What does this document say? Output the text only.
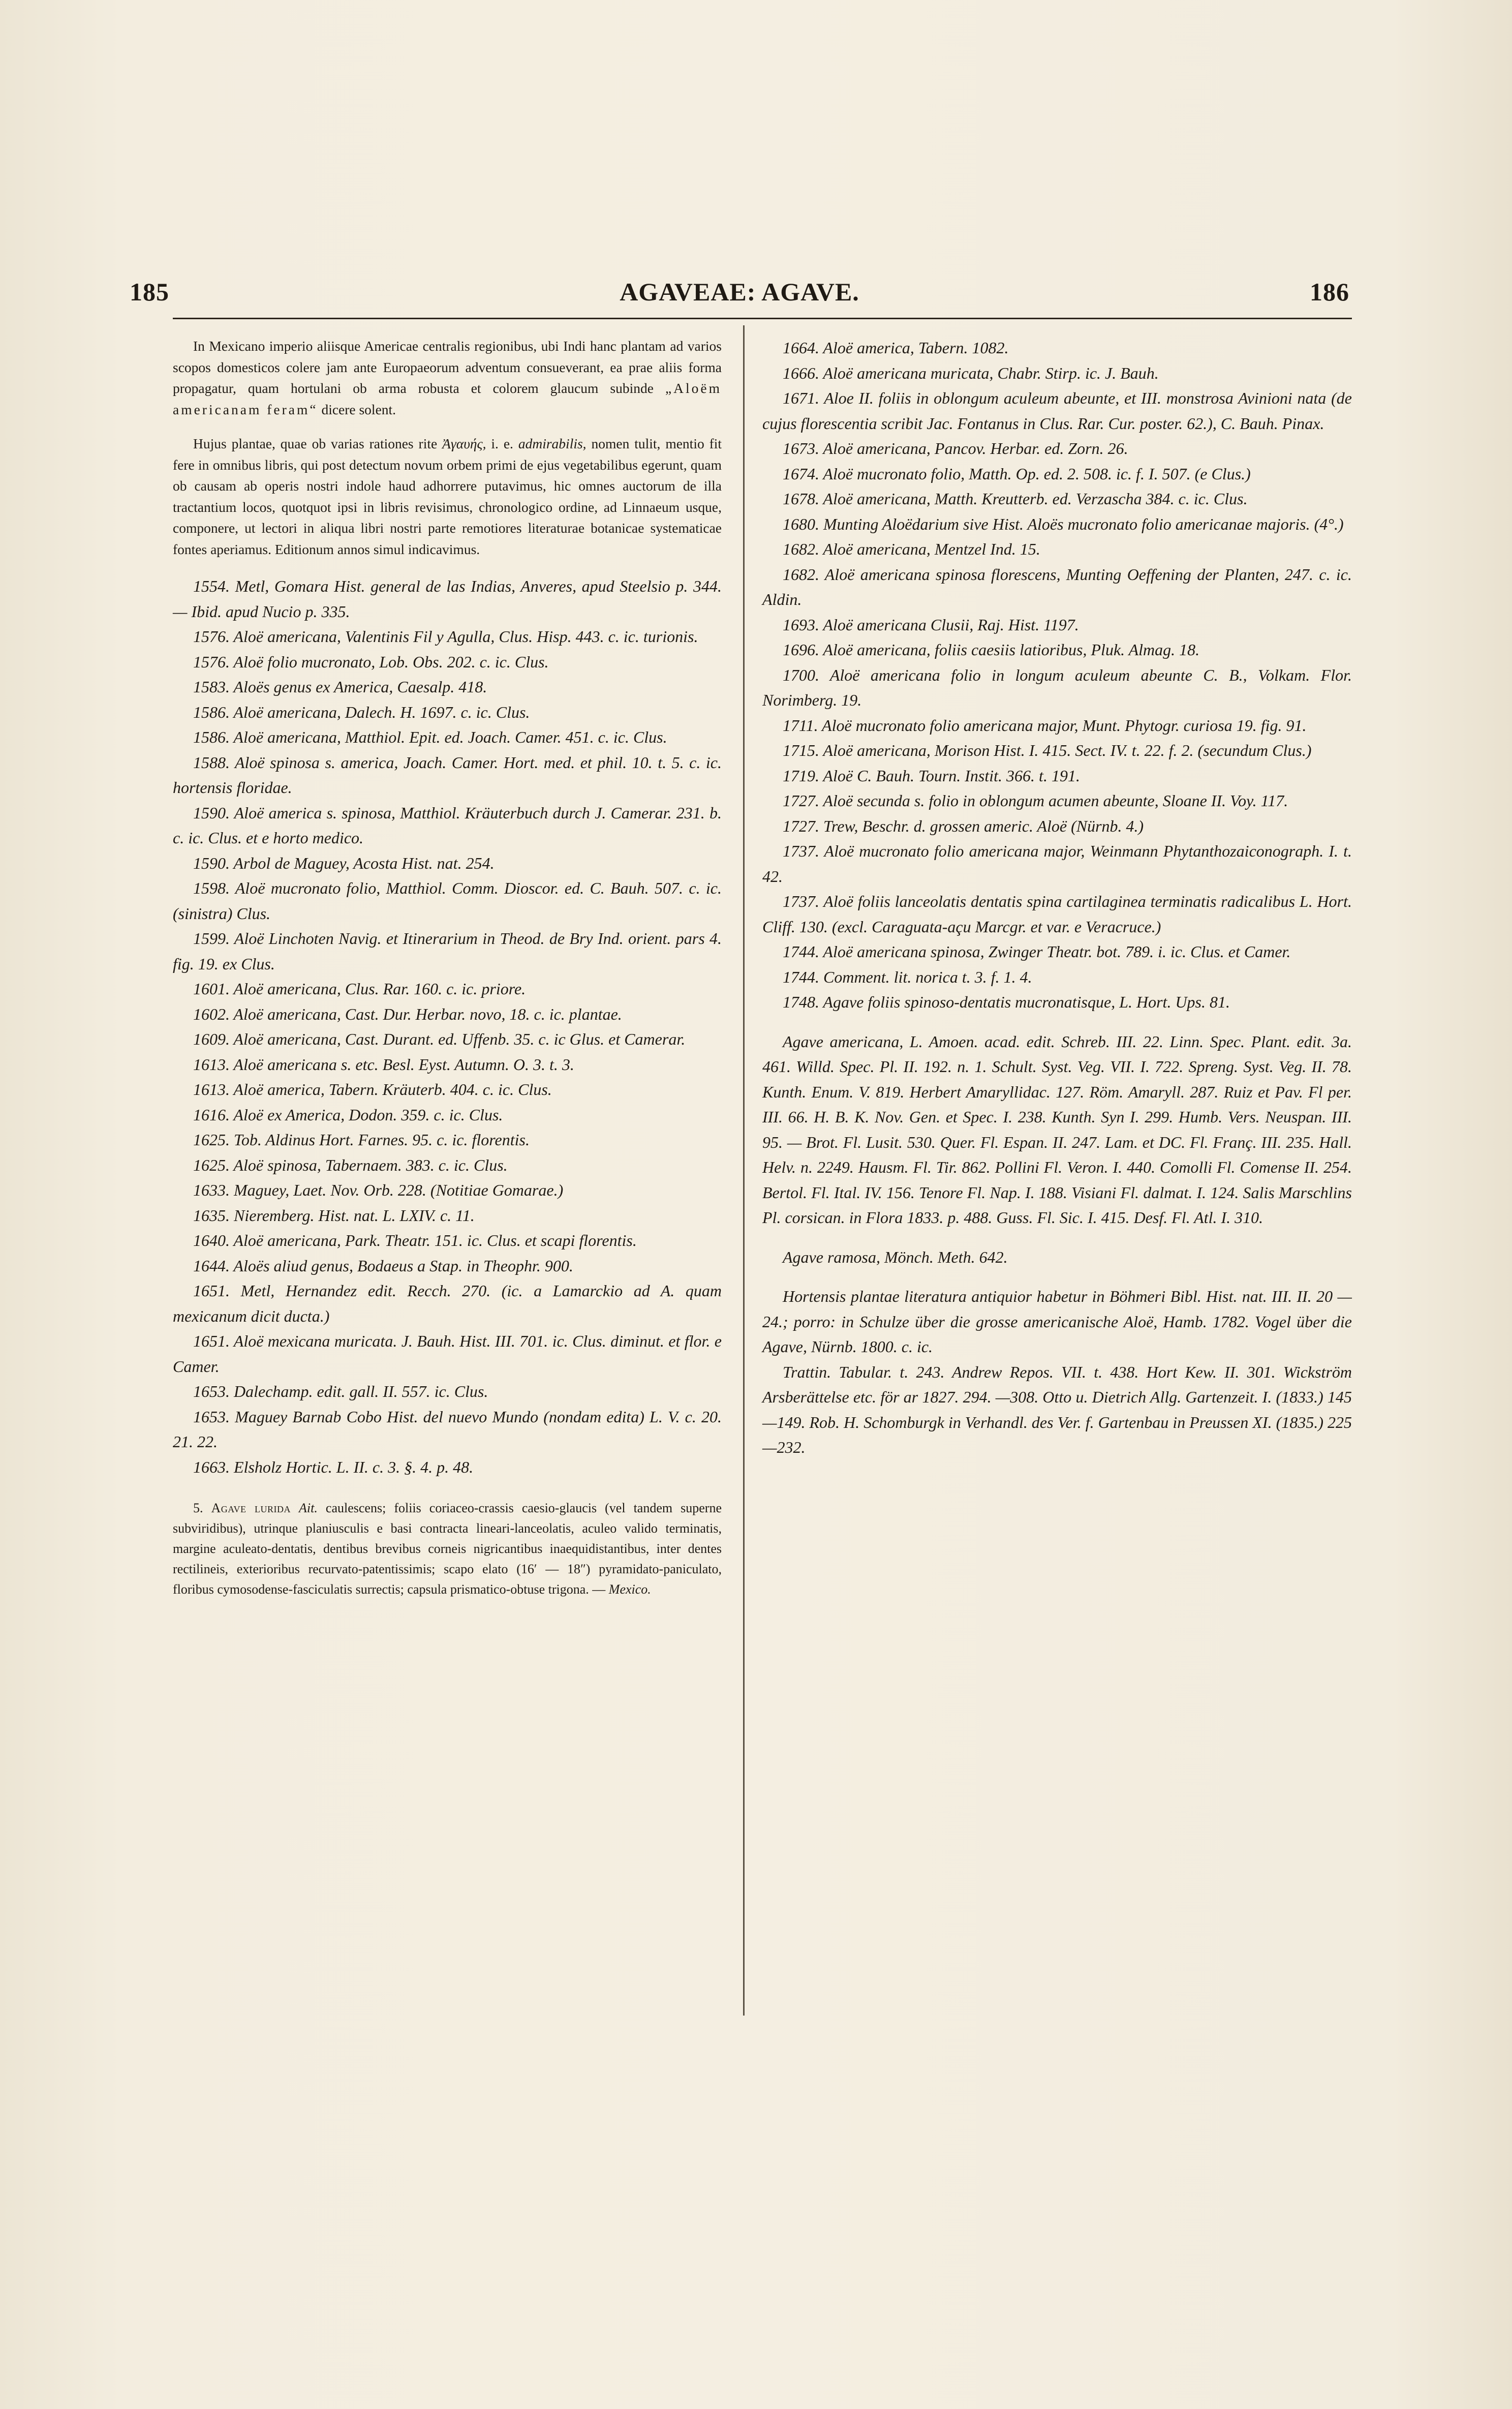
185	AGAVEAE: AGAVE.	186

In Mexicano imperio aliisque Americae centralis regionibus, ubi Indi hanc plantam ad varios scopos domesticos colere jam ante Europaeorum adventum consueverant, ea prae aliis forma propagatur, quam hortulani ob arma robusta et colorem glaucum subinde „Aloëm americanam feram“ dicere solent.

Hujus plantae, quae ob varias rationes rite Ἀγαυής, i. e. admirabilis, nomen tulit, mentio fit fere in omnibus libris, qui post detectum novum orbem primi de ejus vegetabilibus egerunt, quam ob causam ab operis nostri indole haud adhorrere putavimus, hic omnes auctorum de illa tractantium locos, quotquot ipsi in libris revisimus, chronologico ordine, ad Linnaeum usque, componere, ut lectori in aliqua libri nostri parte remotiores literaturae botanicae systematicae fontes aperiamus. Editionum annos simul indicavimus.

1554. Metl, Gomara Hist. general de las Indias, Anveres, apud Steelsio p. 344. — Ibid. apud Nucio p. 335.

1576. Aloë americana, Valentinis Fil y Agulla, Clus. Hisp. 443. c. ic. turionis.

1576. Aloë folio mucronato, Lob. Obs. 202. c. ic. Clus.

1583. Aloës genus ex America, Caesalp. 418.

1586. Aloë americana, Dalech. H. 1697. c. ic. Clus.

1586. Aloë americana, Matthiol. Epit. ed. Joach. Camer. 451. c. ic. Clus.

1588. Aloë spinosa s. america, Joach. Camer. Hort. med. et phil. 10. t. 5. c. ic. hortensis floridae.

1590. Aloë america s. spinosa, Matthiol. Kräuterbuch durch J. Camerar. 231. b. c. ic. Clus. et e horto medico.

1590. Arbol de Maguey, Acosta Hist. nat. 254.

1598. Aloë mucronato folio, Matthiol. Comm. Dioscor. ed. C. Bauh. 507. c. ic. (sinistra) Clus.

1599. Aloë Linchoten Navig. et Itinerarium in Theod. de Bry Ind. orient. pars 4. fig. 19. ex Clus.

1601. Aloë americana, Clus. Rar. 160. c. ic. priore.

1602. Aloë americana, Cast. Dur. Herbar. novo, 18. c. ic. plantae.

1609. Aloë americana, Cast. Durant. ed. Uffenb. 35. c. ic Glus. et Camerar.

1613. Aloë americana s. etc. Besl. Eyst. Autumn. O. 3. t. 3.

1613. Aloë america, Tabern. Kräuterb. 404. c. ic. Clus.

1616. Aloë ex America, Dodon. 359. c. ic. Clus.

1625. Tob. Aldinus Hort. Farnes. 95. c. ic. florentis.

1625. Aloë spinosa, Tabernaem. 383. c. ic. Clus.

1633. Maguey, Laet. Nov. Orb. 228. (Notitiae Gomarae.)

1635. Nieremberg. Hist. nat. L. LXIV. c. 11.

1640. Aloë americana, Park. Theatr. 151. ic. Clus. et scapi florentis.

1644. Aloës aliud genus, Bodaeus a Stap. in Theophr. 900.

1651. Metl, Hernandez edit. Recch. 270. (ic. a Lamarckio ad A. quam mexicanum dicit ducta.)

1651. Aloë mexicana muricata. J. Bauh. Hist. III. 701. ic. Clus. diminut. et flor. e Camer.

1653. Dalechamp. edit. gall. II. 557. ic. Clus.

1653. Maguey Barnab Cobo Hist. del nuevo Mundo (nondam edita) L. V. c. 20. 21. 22.

1663. Elsholz Hortic. L. II. c. 3. §. 4. p. 48.

5. Agave lurida Ait. caulescens; foliis coriaceo-crassis caesio-glaucis (vel tandem superne subviridibus), utrinque planiusculis e basi contracta lineari-lanceolatis, aculeo valido terminatis, margine aculeato-dentatis, dentibus brevibus corneis nigricantibus inaequidistantibus, inter dentes rectilineis, exterioribus recurvato-patentissimis; scapo elato (16′ — 18″) pyramidato-paniculato, floribus cymosodense-fasciculatis surrectis; capsula prismatico-obtuse trigona. — Mexico.

1664. Aloë america, Tabern. 1082.

1666. Aloë americana muricata, Chabr. Stirp. ic. J. Bauh.

1671. Aloe II. foliis in oblongum aculeum abeunte, et III. monstrosa Avinioni nata (de cujus florescentia scribit Jac. Fontanus in Clus. Rar. Cur. poster. 62.), C. Bauh. Pinax.

1673. Aloë americana, Pancov. Herbar. ed. Zorn. 26.

1674. Aloë mucronato folio, Matth. Op. ed. 2. 508. ic. f. I. 507. (e Clus.)

1678. Aloë americana, Matth. Kreutterb. ed. Verzascha 384. c. ic. Clus.

1680. Munting Aloëdarium sive Hist. Aloës mucronato folio americanae majoris. (4°.)

1682. Aloë americana, Mentzel Ind. 15.

1682. Aloë americana spinosa florescens, Munting Oeffening der Planten, 247. c. ic. Aldin.

1693. Aloë americana Clusii, Raj. Hist. 1197.

1696. Aloë americana, foliis caesiis latioribus, Pluk. Almag. 18.

1700. Aloë americana folio in longum aculeum abeunte C. B., Volkam. Flor. Norimberg. 19.

1711. Aloë mucronato folio americana major, Munt. Phytogr. curiosa 19. fig. 91.

1715. Aloë americana, Morison Hist. I. 415. Sect. IV. t. 22. f. 2. (secundum Clus.)

1719. Aloë C. Bauh. Tourn. Instit. 366. t. 191.

1727. Aloë secunda s. folio in oblongum acumen abeunte, Sloane II. Voy. 117.

1727. Trew, Beschr. d. grossen americ. Aloë (Nürnb. 4.)

1737. Aloë mucronato folio americana major, Weinmann Phytanthozaiconograph. I. t. 42.

1737. Aloë foliis lanceolatis dentatis spina cartilaginea terminatis radicalibus L. Hort. Cliff. 130. (excl. Caraguata-açu Marcgr. et var. e Veracruce.)

1744. Aloë americana spinosa, Zwinger Theatr. bot. 789. i. ic. Clus. et Camer.

1744. Comment. lit. norica t. 3. f. 1. 4.

1748. Agave foliis spinoso-dentatis mucronatisque, L. Hort. Ups. 81.

Agave americana, L. Amoen. acad. edit. Schreb. III. 22. Linn. Spec. Plant. edit. 3a. 461. Willd. Spec. Pl. II. 192. n. 1. Schult. Syst. Veg. VII. I. 722. Spreng. Syst. Veg. II. 78. Kunth. Enum. V. 819. Herbert Amaryllidac. 127. Röm. Amaryll. 287. Ruiz et Pav. Fl per. III. 66. H. B. K. Nov. Gen. et Spec. I. 238. Kunth. Syn I. 299. Humb. Vers. Neuspan. III. 95. — Brot. Fl. Lusit. 530. Quer. Fl. Espan. II. 247. Lam. et DC. Fl. Franç. III. 235. Hall. Helv. n. 2249. Hausm. Fl. Tir. 862. Pollini Fl. Veron. I. 440. Comolli Fl. Comense II. 254. Bertol. Fl. Ital. IV. 156. Tenore Fl. Nap. I. 188. Visiani Fl. dalmat. I. 124. Salis Marschlins Pl. corsican. in Flora 1833. p. 488. Guss. Fl. Sic. I. 415. Desf. Fl. Atl. I. 310.

Agave ramosa, Mönch. Meth. 642.

Hortensis plantae literatura antiquior habetur in Böhmeri Bibl. Hist. nat. III. II. 20 — 24.; porro: in Schulze über die grosse americanische Aloë, Hamb. 1782. Vogel über die Agave, Nürnb. 1800. c. ic.

Trattin. Tabular. t. 243. Andrew Repos. VII. t. 438. Hort Kew. II. 301. Wickström Arsberättelse etc. för ar 1827. 294. —308. Otto u. Dietrich Allg. Gartenzeit. I. (1833.) 145—149. Rob. H. Schomburgk in Verhandl. des Ver. f. Gartenbau in Preussen XI. (1835.) 225—232.
